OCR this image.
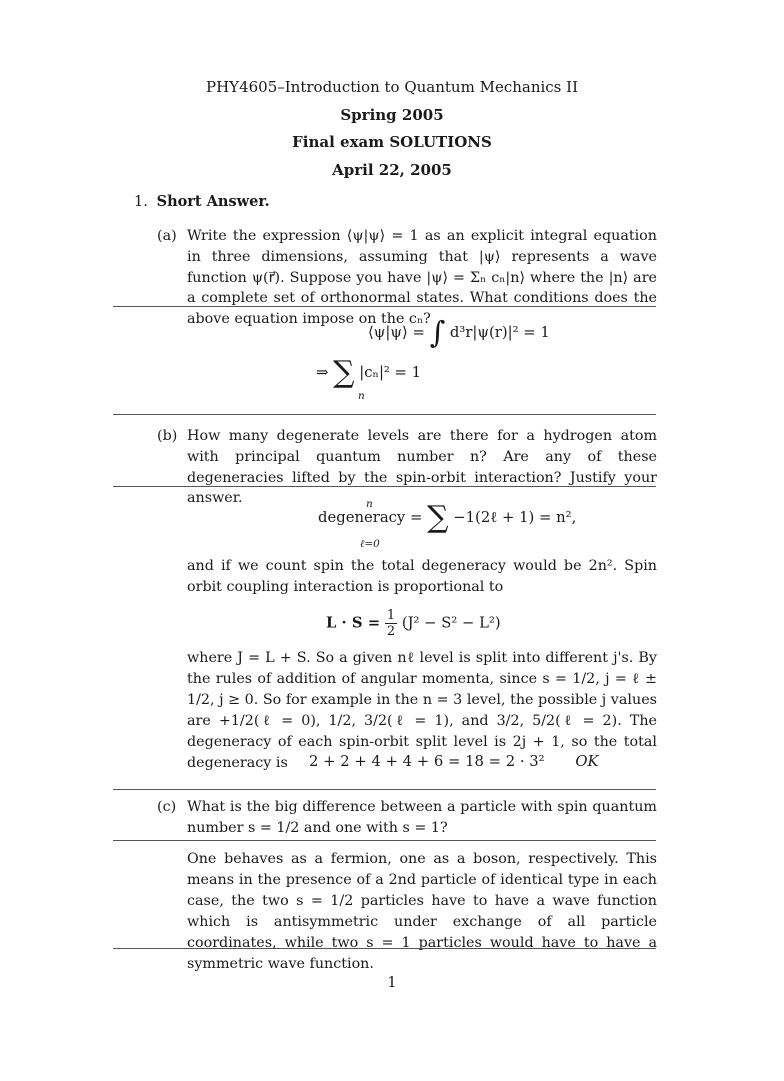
PHY4605–Introduction to Quantum Mechanics II
Spring 2005
Final exam SOLUTIONS
April 22, 2005
1. Short Answer.
(a) Write the expression ⟨ψ|ψ⟩ = 1 as an explicit integral equation in three dimensions, assuming that |ψ⟩ represents a wave function ψ(r⃗). Suppose you have |ψ⟩ = Σₙ cₙ|n⟩ where the |n⟩ are a complete set of orthonormal states. What conditions does the above equation impose on the cₙ?
⟨ψ|ψ⟩ = ∫ d³r|ψ(r)|² = 1
⇒ ∑ |cₙ|² = 1
n
(b) How many degenerate levels are there for a hydrogen atom with principal quantum number n? Are any of these degeneracies lifted by the spin-orbit interaction? Justify your answer.	n
degeneracy = ∑ −1(2ℓ + 1) = n²,
ℓ=0
and if we count spin the total degeneracy would be 2n². Spin orbit coupling interaction is proportional to
$L \cdot S = \frac{1}{2} (J^2 - S^2 - L^2)$
where J = L + S. So a given nℓ level is split into different j's. By the rules of addition of angular momenta, since s = 1/2, j = ℓ ± 1/2, j ≥ 0. So for example in the n = 3 level, the possible j values are +1/2(ℓ = 0), 1/2, 3/2(ℓ = 1), and 3/2, 5/2(ℓ = 2). The degeneracy of each spin-orbit split level is 2j + 1, so the total degeneracy is	2 + 2 + 4 + 4 + 6 = 18 = 2 · 3² OK
(c) What is the big difference between a particle with spin quantum number s = 1/2 and one with s = 1?
One behaves as a fermion, one as a boson, respectively. This means in the presence of a 2nd particle of identical type in each case, the two s = 1/2 particles have to have a wave function which is antisymmetric under exchange of all particle coordinates, while two s = 1 particles would have to have a symmetric wave function.
1
